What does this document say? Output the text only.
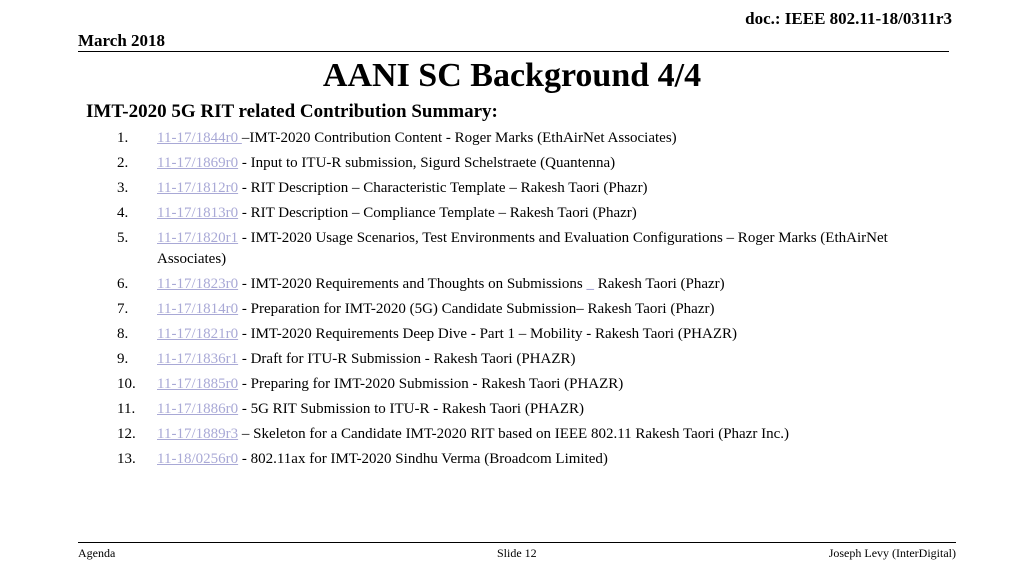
doc.: IEEE 802.11-18/0311r3
March 2018
AANI SC Background 4/4
IMT-2020 5G RIT related Contribution Summary:
1. 11-17/1844r0 –IMT-2020 Contribution Content - Roger Marks (EthAirNet Associates)
2. 11-17/1869r0 - Input to ITU-R submission, Sigurd Schelstraete (Quantenna)
3. 11-17/1812r0 - RIT Description – Characteristic Template – Rakesh Taori (Phazr)
4. 11-17/1813r0 - RIT Description – Compliance Template – Rakesh Taori (Phazr)
5. 11-17/1820r1 - IMT-2020 Usage Scenarios, Test Environments and Evaluation Configurations – Roger Marks (EthAirNet Associates)
6. 11-17/1823r0 - IMT-2020 Requirements and Thoughts on Submissions _ Rakesh Taori (Phazr)
7. 11-17/1814r0 - Preparation for IMT-2020 (5G) Candidate Submission– Rakesh Taori (Phazr)
8. 11-17/1821r0 - IMT-2020 Requirements Deep Dive - Part 1 – Mobility - Rakesh Taori (PHAZR)
9. 11-17/1836r1 - Draft for ITU-R Submission - Rakesh Taori (PHAZR)
10. 11-17/1885r0 - Preparing for IMT-2020 Submission - Rakesh Taori (PHAZR)
11. 11-17/1886r0 - 5G RIT Submission to ITU-R - Rakesh Taori (PHAZR)
12. 11-17/1889r3 – Skeleton for a Candidate IMT-2020 RIT based on IEEE 802.11 Rakesh Taori (Phazr Inc.)
13. 11-18/0256r0 - 802.11ax for IMT-2020 Sindhu Verma (Broadcom Limited)
Agenda	Slide 12	Joseph Levy (InterDigital)
